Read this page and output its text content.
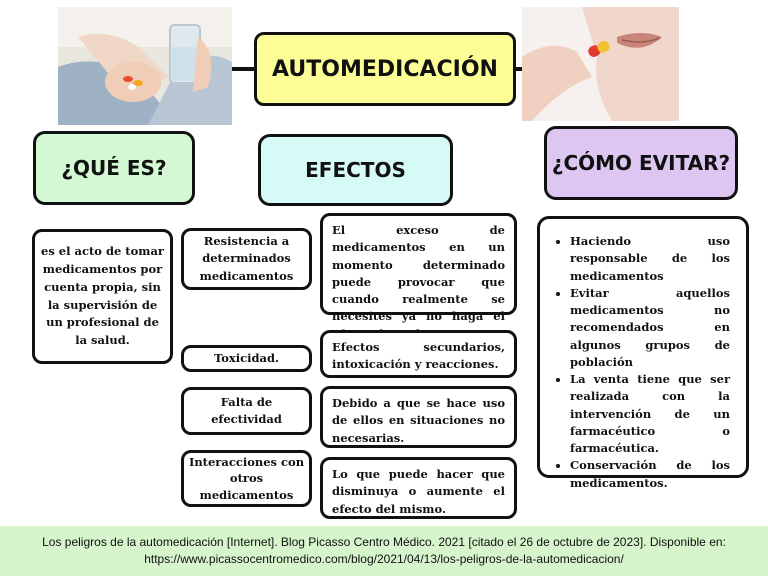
AUTOMEDICACIÓN
¿QUÉ ES?	EFECTOS	¿CÓMO EVITAR?
es el acto de tomar medicamentos por cuenta propia, sin la supervisión de un profesional de la salud.
Resistencia a determinados medicamentos
Toxicidad.
Falta de efectividad
Interacciones con otros medicamentos
El exceso de medicamentos en un momento determinado puede provocar que cuando realmente se necesites ya no haga el
Efectos secundarios, intoxicación y reacciones.
Debido a que se hace uso de ellos en situaciones no necesarias.
Lo que puede hacer que disminuya o aumente el efecto del mismo.
• Haciendo uso responsable de los medicamentos
• Evitar aquellos medicamentos no recomendados en algunos grupos de población
• La venta tiene que ser realizada con la intervención de un farmacéutico o farmacéutica.
• Conservación de los medicamentos.
Los peligros de la automedicación [Internet]. Blog Picasso Centro Médico. 2021 [citado el 26 de octubre de 2023]. Disponible en:
https://www.picassocentromedico.com/blog/2021/04/13/los-peligros-de-la-automedicacion/
